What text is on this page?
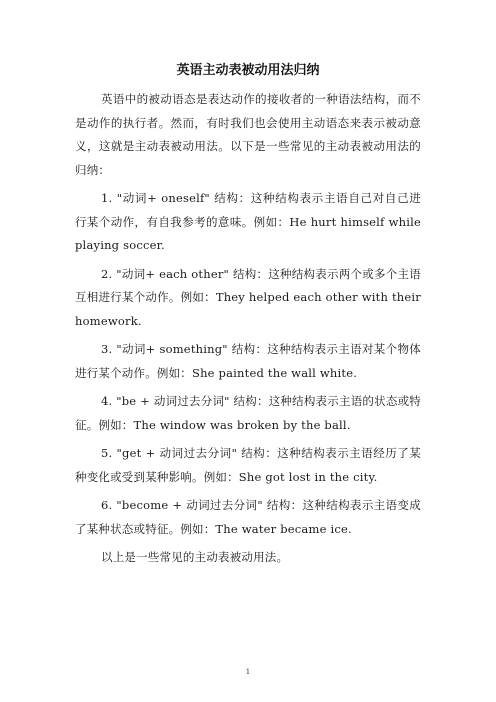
英语主动表被动用法归纳

英语中的被动语态是表达动作的接收者的一种语法结构，而不是动作的执行者。然而，有时我们也会使用主动语态来表示被动意义，这就是主动表被动用法。以下是一些常见的主动表被动用法的归纳：

1. "动词+ oneself" 结构：这种结构表示主语自己对自己进行某个动作，有自我参考的意味。例如：He hurt himself while playing soccer.

2. "动词+ each other" 结构：这种结构表示两个或多个主语互相进行某个动作。例如：They helped each other with their homework.

3. "动词+ something" 结构：这种结构表示主语对某个物体进行某个动作。例如：She painted the wall white.

4. "be + 动词过去分词" 结构：这种结构表示主语的状态或特征。例如：The window was broken by the ball.

5. "get + 动词过去分词" 结构：这种结构表示主语经历了某种变化或受到某种影响。例如：She got lost in the city.

6. "become + 动词过去分词" 结构：这种结构表示主语变成了某种状态或特征。例如：The water became ice.

以上是一些常见的主动表被动用法。

1
